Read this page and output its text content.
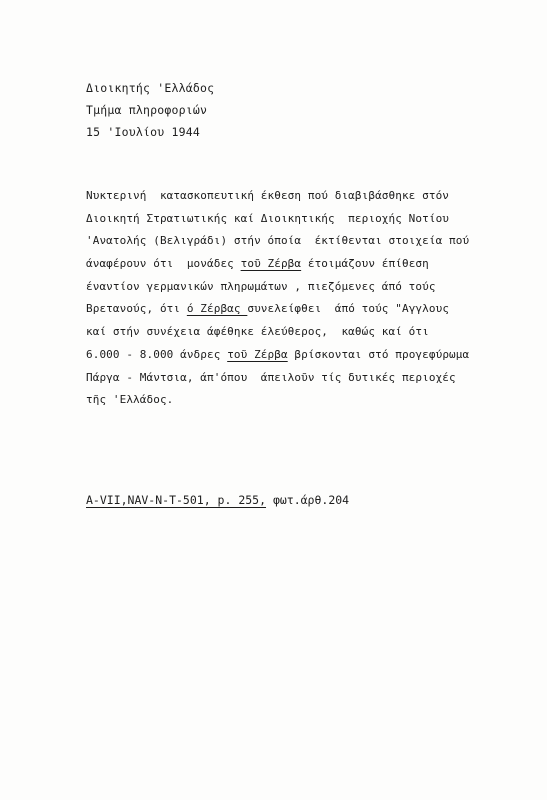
Διοικητής 'Ελλάδος
Τμήμα πληροφοριών
15 'Ιουλίου 1944
Νυκτερινή  κατασκοπευτική έκθεση πού διαβιβάσθηκε στόν
Διοικητή Στρατιωτικής καί Διοικητικής  περιοχής Νοτίου
'Ανατολής (Βελιγράδι) στήν όποία  έκτίθενται στοιχεία πού
άναφέρουν ότι  μονάδες τοῦ Ζέρβα έτοιμάζουν έπίθεση
έναντίον γερμανικών πληρωμάτων , πιεζόμενες άπό τούς
Βρετανούς, ότι ό Ζέρβας συνελείφθει  άπό τούς "Αγγλους
καί στήν συνέχεια άφέθηκε έλεύθερος,  καθώς καί ότι
6.000 - 8.000 άνδρες τοῦ Ζέρβα βρίσκονται στό προγεφύρωμα
Πάργα - Μάντσια, άπ'όπου  άπειλοῦν τίς δυτικές περιοχές
τῆς 'Ελλάδος.
A-VII,NAV-N-T-501, p. 255, φωτ.άρθ.204
